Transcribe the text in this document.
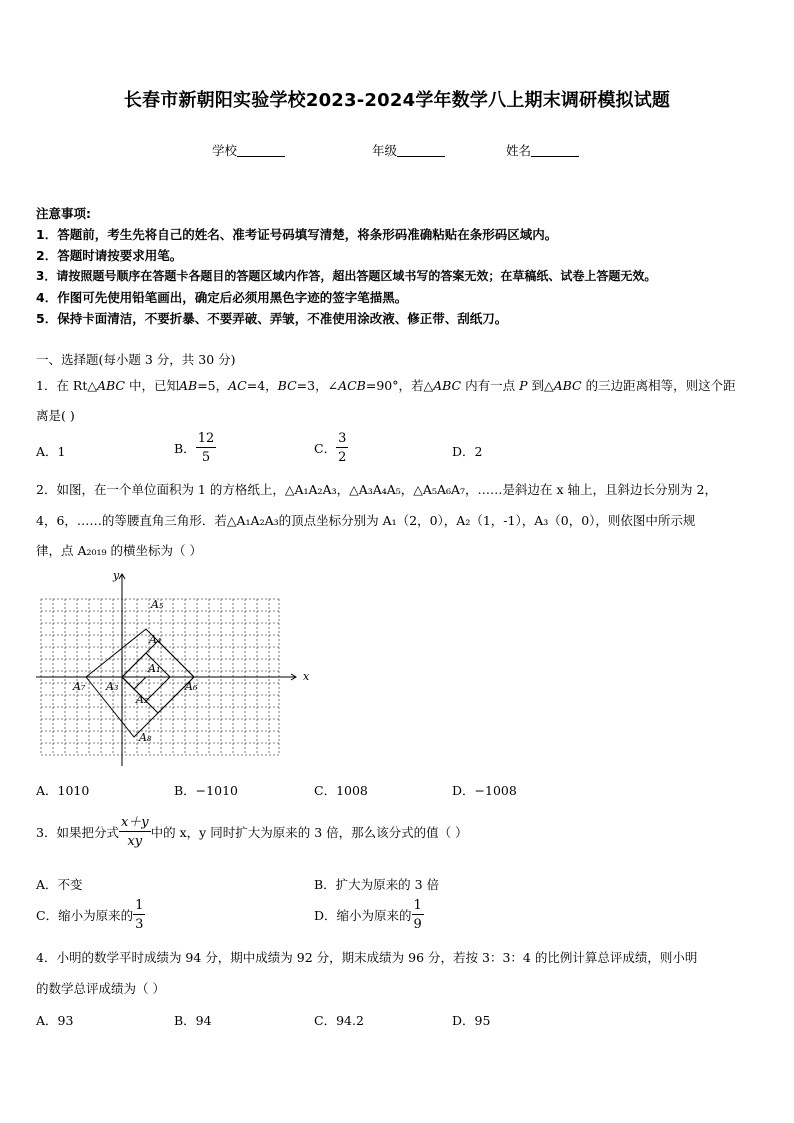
长春市新朝阳实验学校2023-2024学年数学八上期末调研模拟试题
学校	年级	姓名
注意事项:
1．答题前，考生先将自己的姓名、准考证号码填写清楚，将条形码准确粘贴在条形码区域内。
2．答题时请按要求用笔。
3．请按照题号顺序在答题卡各题目的答题区域内作答，超出答题区域书写的答案无效；在草稿纸、试卷上答题无效。
4．作图可先使用铅笔画出，确定后必须用黑色字迹的签字笔描黑。
5．保持卡面清洁，不要折暴、不要弄破、弄皱，不准使用涂改液、修正带、刮纸刀。
一、选择题(每小题 3 分，共 30 分)
1．在 Rt△ABC 中，已知AB=5，AC=4，BC=3，∠ACB=90°，若△ABC 内有一点 P 到△ABC 的三边距离相等，则这个距
离是( )
A．1	B． $\frac{12}{5}$	C． $\frac{3}{2}$	D．2
2．如图，在一个单位面积为 1 的方格纸上，△A₁A₂A₃，△A₃A₄A₅，△A₅A₆A₇，……是斜边在 x 轴上，且斜边长分别为 2，
4，6，……的等腰直角三角形．若△A₁A₂A₃的顶点坐标分别为 A₁（2，0），A₂（1，-1），A₃（0，0），则依图中所示规
律，点 A₂₀₁₉ 的横坐标为（ ）
x
y
A₁
A₂
A₃
A₄
A₅
A₆
A₇
A₈
A．1010	B．−1010	C．1008	D．−1008
3．如果把分式 $\frac{x+y}{xy}$ 中的 x，y 同时扩大为原来的 3 倍，那么该分式的值（ ）
A．不变	B．扩大为原来的 3 倍
C．缩小为原来的 $\frac{1}{3}$	D．缩小为原来的 $\frac{1}{9}$
4．小明的数学平时成绩为 94 分，期中成绩为 92 分，期末成绩为 96 分，若按 3：3：4 的比例计算总评成绩，则小明
的数学总评成绩为（ ）
A．93	B．94	C．94.2	D．95
